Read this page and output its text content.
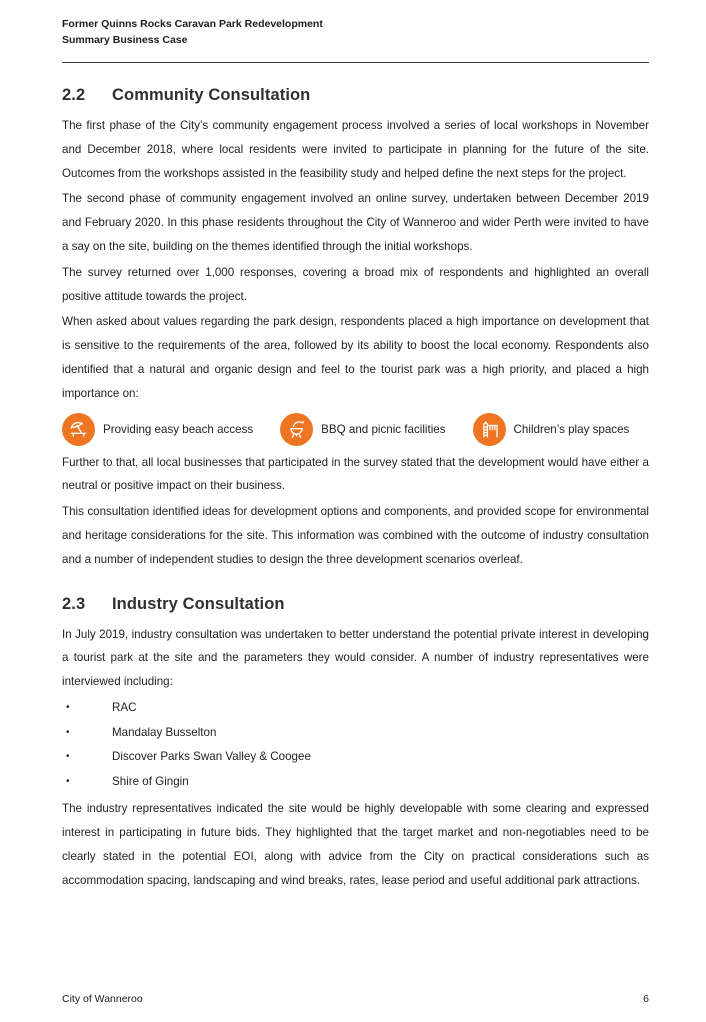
Former Quinns Rocks Caravan Park Redevelopment
Summary Business Case
2.2	Community Consultation

The first phase of the City’s community engagement process involved a series of local workshops in November and December 2018, where local residents were invited to participate in planning for the future of the site. Outcomes from the workshops assisted in the feasibility study and helped define the next steps for the project.

The second phase of community engagement involved an online survey, undertaken between December 2019 and February 2020. In this phase residents throughout the City of Wanneroo and wider Perth were invited to have a say on the site, building on the themes identified through the initial workshops.

The survey returned over 1,000 responses, covering a broad mix of respondents and highlighted an overall positive attitude towards the project.

When asked about values regarding the park design, respondents placed a high importance on development that is sensitive to the requirements of the area, followed by its ability to boost the local economy. Respondents also identified that a natural and organic design and feel to the tourist park was a high priority, and placed a high importance on:

Providing easy beach access	BBQ and picnic facilities	Children’s play spaces

Further to that, all local businesses that participated in the survey stated that the development would have either a neutral or positive impact on their business.

This consultation identified ideas for development options and components, and provided scope for environmental and heritage considerations for the site. This information was combined with the outcome of industry consultation and a number of independent studies to design the three development scenarios overleaf.

2.3	Industry Consultation

In July 2019, industry consultation was undertaken to better understand the potential private interest in developing a tourist park at the site and the parameters they would consider. A number of industry representatives were interviewed including:

•	RAC
•	Mandalay Busselton
•	Discover Parks Swan Valley & Coogee
•	Shire of Gingin

The industry representatives indicated the site would be highly developable with some clearing and expressed interest in participating in future bids. They highlighted that the target market and non-negotiables need to be clearly stated in the potential EOI, along with advice from the City on practical considerations such as accommodation spacing, landscaping and wind breaks, rates, lease period and useful additional park attractions.

City of Wanneroo	6
